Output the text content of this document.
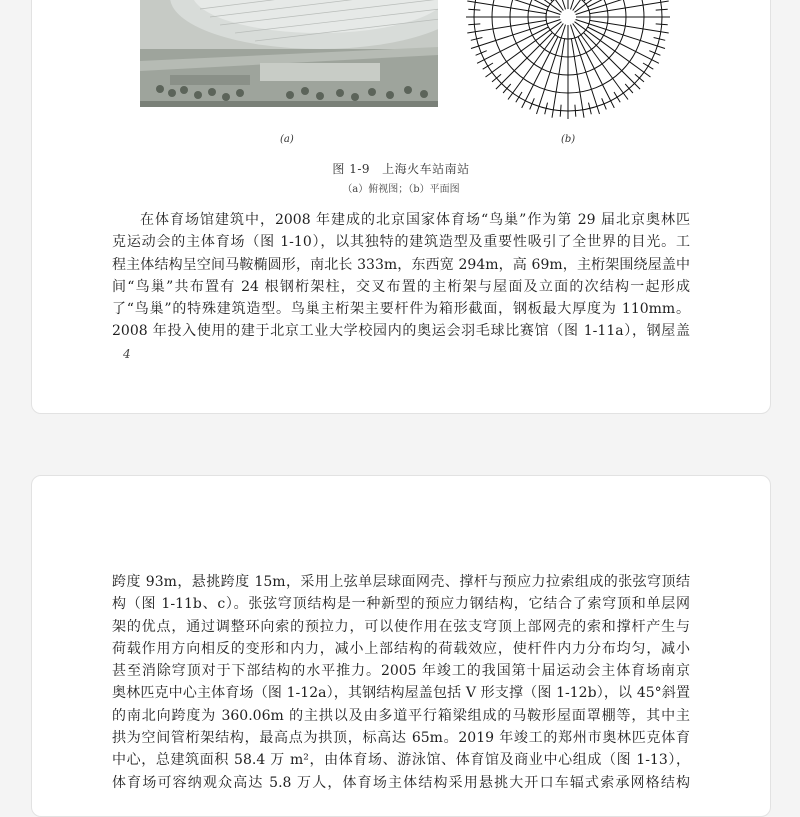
(a)	(b)
图 1-9 上海火车站南站
（a）俯视图；（b）平面图
在体育场馆建筑中，2008 年建成的北京国家体育场“鸟巢”作为第 29 届北京奥林匹
克运动会的主体育场（图 1-10），以其独特的建筑造型及重要性吸引了全世界的目光。工
程主体结构呈空间马鞍椭圆形，南北长 333m，东西宽 294m，高 69m，主桁架围绕屋盖中
间“鸟巢”共布置有 24 根钢桁架柱，交叉布置的主桁架与屋面及立面的次结构一起形成
了“鸟巢”的特殊建筑造型。鸟巢主桁架主要杆件为箱形截面，钢板最大厚度为 110mm。
2008 年投入使用的建于北京工业大学校园内的奥运会羽毛球比赛馆（图 1-11a），钢屋盖
4
跨度 93m，悬挑跨度 15m，采用上弦单层球面网壳、撑杆与预应力拉索组成的张弦穹顶结
构（图 1-11b、c）。张弦穹顶结构是一种新型的预应力钢结构，它结合了索穹顶和单层网
架的优点，通过调整环向索的预拉力，可以使作用在弦支穹顶上部网壳的索和撑杆产生与
荷载作用方向相反的变形和内力，减小上部结构的荷载效应，使杆件内力分布均匀，减小
甚至消除穹顶对于下部结构的水平推力。2005 年竣工的我国第十届运动会主体育场南京
奥林匹克中心主体育场（图 1-12a），其钢结构屋盖包括 V 形支撑（图 1-12b），以 45°斜置
的南北向跨度为 360.06m 的主拱以及由多道平行箱梁组成的马鞍形屋面罩棚等，其中主
拱为空间管桁架结构，最高点为拱顶，标高达 65m。2019 年竣工的郑州市奥林匹克体育
中心，总建筑面积 58.4 万 m²，由体育场、游泳馆、体育馆及商业中心组成（图 1-13），
体育场可容纳观众高达 5.8 万人，体育场主体结构采用悬挑大开口车辐式索承网格结构
